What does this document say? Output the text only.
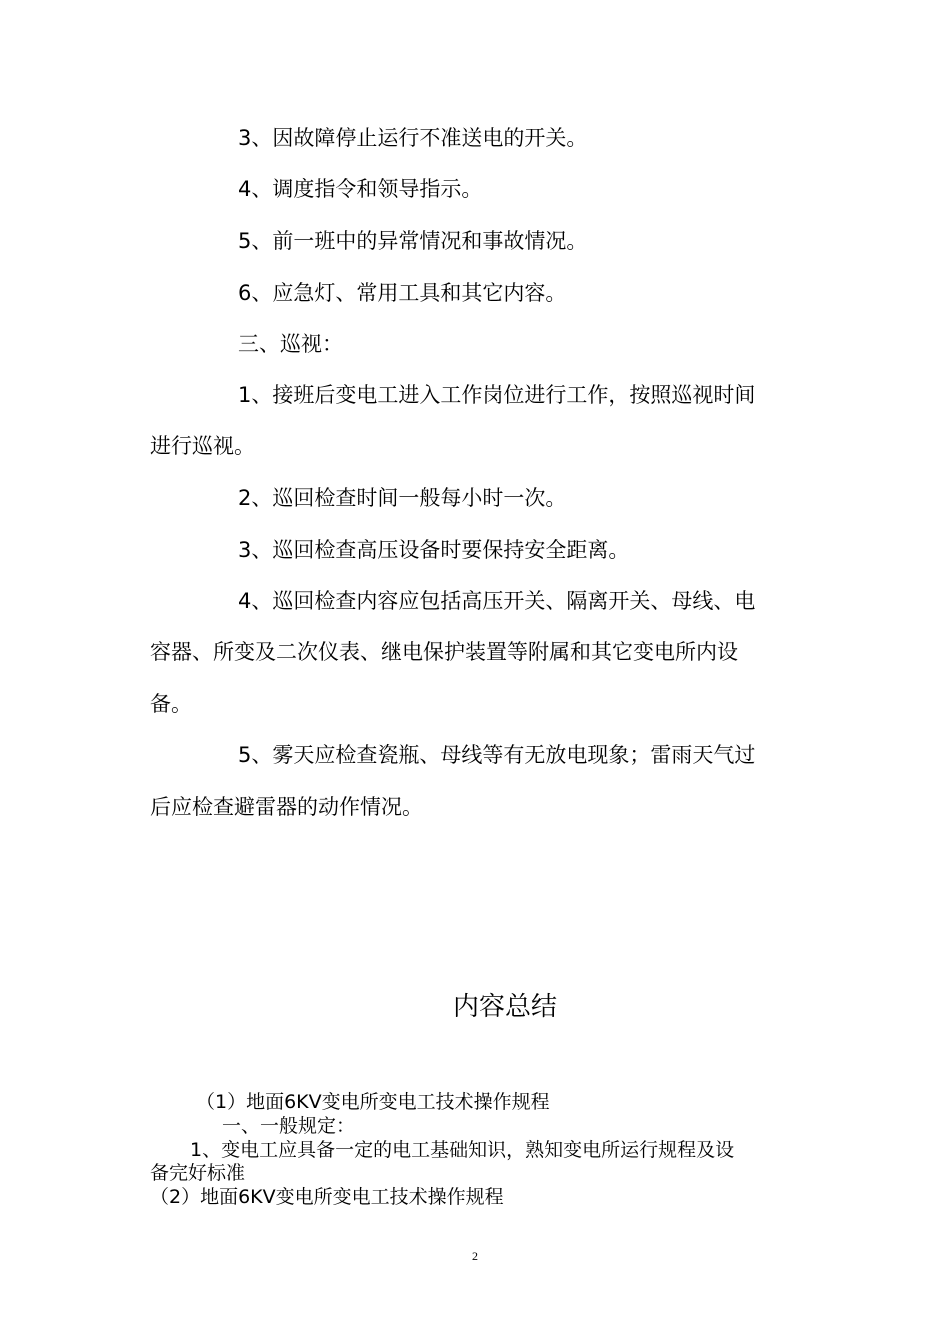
3、因故障停止运行不准送电的开关。
4、调度指令和领导指示。
5、前一班中的异常情况和事故情况。
6、应急灯、常用工具和其它内容。
三、巡视：
1、接班后变电工进入工作岗位进行工作，按照巡视时间
进行巡视。
2、巡回检查时间一般每小时一次。
3、巡回检查高压设备时要保持安全距离。
4、巡回检查内容应包括高压开关、隔离开关、母线、电
容器、所变及二次仪表、继电保护装置等附属和其它变电所内设
备。
5、雾天应检查瓷瓶、母线等有无放电现象；雷雨天气过
后应检查避雷器的动作情况。
内容总结
（1）地面6KV变电所变电工技术操作规程
一、一般规定：
1、变电工应具备一定的电工基础知识，熟知变电所运行规程及设
备完好标准
（2）地面6KV变电所变电工技术操作规程
2
